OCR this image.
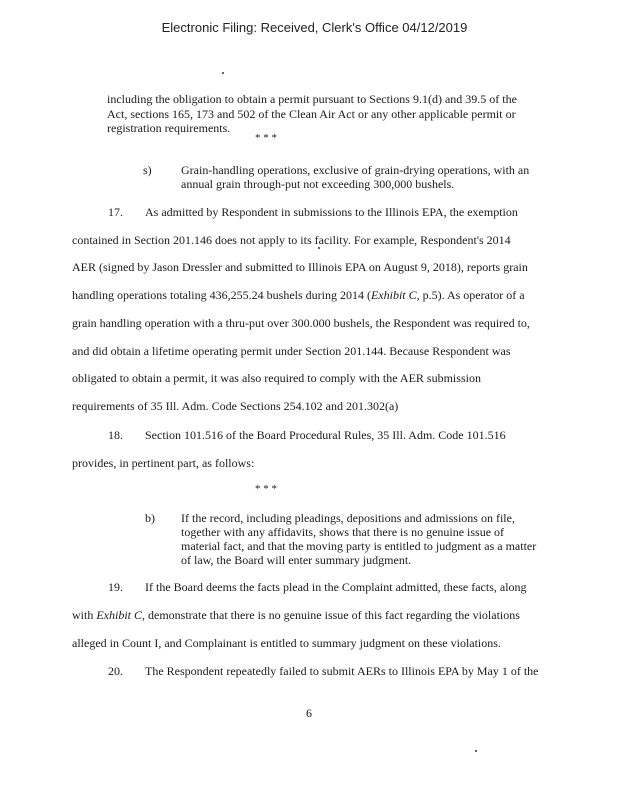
Electronic Filing: Received, Clerk's Office 04/12/2019
including the obligation to obtain a permit pursuant to Sections 9.1(d) and 39.5 of the
Act, sections 165, 173 and 502 of the Clean Air Act or any other applicable permit or
registration requirements.
* * *
s) Grain-handling operations, exclusive of grain-drying operations, with an
annual grain through-put not exceeding 300,000 bushels.
17. As admitted by Respondent in submissions to the Illinois EPA, the exemption
contained in Section 201.146 does not apply to its facility. For example, Respondent's 2014
AER (signed by Jason Dressler and submitted to Illinois EPA on August 9, 2018), reports grain
handling operations totaling 436,255.24 bushels during 2014 (Exhibit C, p.5). As operator of a
grain handling operation with a thru-put over 300.000 bushels, the Respondent was required to,
and did obtain a lifetime operating permit under Section 201.144. Because Respondent was
obligated to obtain a permit, it was also required to comply with the AER submission
requirements of 35 Ill. Adm. Code Sections 254.102 and 201.302(a)
18. Section 101.516 of the Board Procedural Rules, 35 Ill. Adm. Code 101.516
provides, in pertinent part, as follows:
* * *
b) If the record, including pleadings, depositions and admissions on file,
together with any affidavits, shows that there is no genuine issue of
material fact, and that the moving party is entitled to judgment as a matter
of law, the Board will enter summary judgment.
19. If the Board deems the facts plead in the Complaint admitted, these facts, along
with Exhibit C, demonstrate that there is no genuine issue of this fact regarding the violations
alleged in Count I, and Complainant is entitled to summary judgment on these violations.
20. The Respondent repeatedly failed to submit AERs to Illinois EPA by May 1 of the
6
